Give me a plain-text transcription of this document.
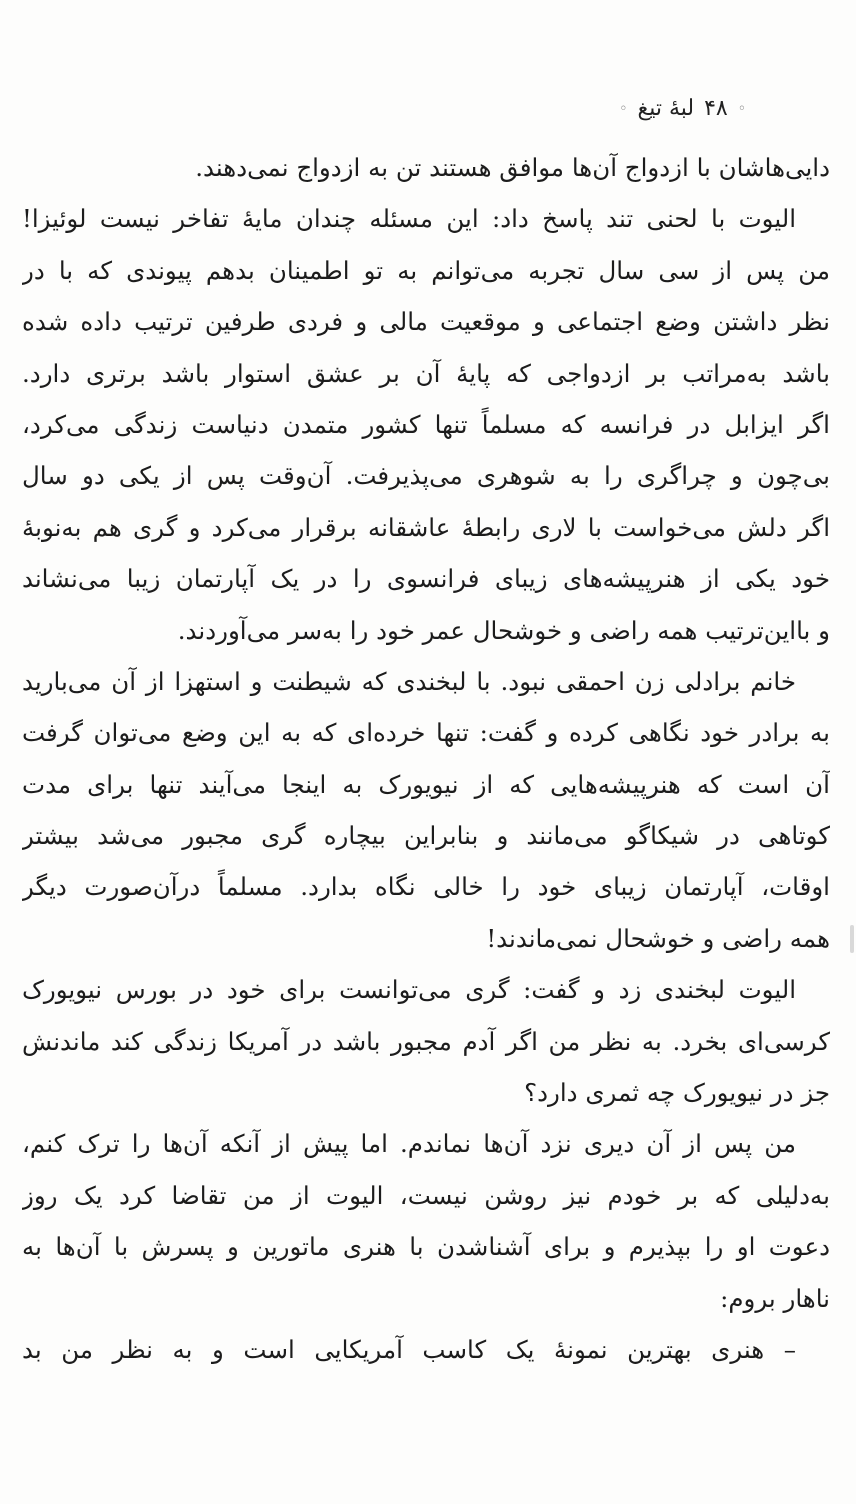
◦
۴۸
لبهٔ تیغ
◦
دایی‌هاشان با ازدواج آن‌ها موافق هستند تن به ازدواج نمی‌دهند.
الیوت با لحنی تند پاسخ داد: این مسئله چندان مایهٔ تفاخر نیست لوئیزا!
من پس از سی سال تجربه می‌توانم به تو اطمینان بدهم پیوندی که با در
نظر داشتن وضع اجتماعی و موقعیت مالی و فردی طرفین ترتیب داده شده
باشد به‌مراتب بر ازدواجی که پایهٔ آن بر عشق استوار باشد برتری دارد.
اگر ایزابل در فرانسه که مسلماً تنها کشور متمدن دنیاست زندگی می‌کرد،
بی‌چون و چراگری را به شوهری می‌پذیرفت. آن‌وقت پس از یکی دو سال
اگر دلش می‌خواست با لاری رابطهٔ عاشقانه برقرار می‌کرد و گری هم به‌نوبهٔ
خود یکی از هنرپیشه‌های زیبای فرانسوی را در یک آپارتمان زیبا می‌نشاند
و بااین‌ترتیب همه راضی و خوشحال عمر خود را به‌سر می‌آوردند.
خانم برادلی زن احمقی نبود. با لبخندی که شیطنت و استهزا از آن می‌بارید
به برادر خود نگاهی کرده و گفت: تنها خرده‌ای که به این وضع می‌توان گرفت
آن است که هنرپیشه‌هایی که از نیویورک به اینجا می‌آیند تنها برای مدت
کوتاهی در شیکاگو می‌مانند و بنابراین بیچاره گری مجبور می‌شد بیشتر
اوقات، آپارتمان زیبای خود را خالی نگاه بدارد. مسلماً درآن‌صورت دیگر
همه راضی و خوشحال نمی‌ماندند!
الیوت لبخندی زد و گفت: گری می‌توانست برای خود در بورس نیویورک
کرسی‌ای بخرد. به نظر من اگر آدم مجبور باشد در آمریکا زندگی کند ماندنش
جز در نیویورک چه ثمری دارد؟
من پس از آن دیری نزد آن‌ها نماندم. اما پیش از آنکه آن‌ها را ترک کنم،
به‌دلیلی که بر خودم نیز روشن نیست، الیوت از من تقاضا کرد یک روز
دعوت او را بپذیرم و برای آشناشدن با هنری ماتورین و پسرش با آن‌ها به
ناهار بروم:
– هنری بهترین نمونهٔ یک کاسب آمریکایی است و به نظر من بد
